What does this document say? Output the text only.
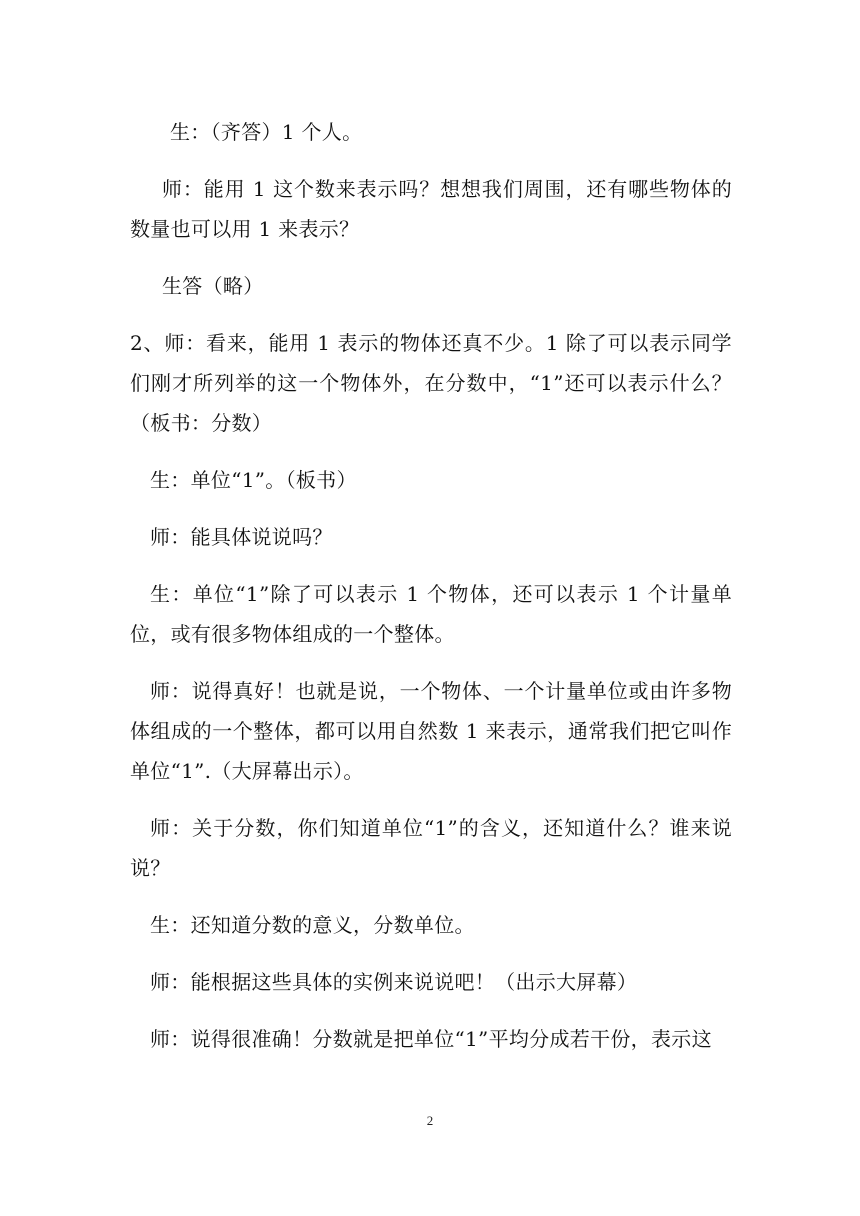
生：（齐答）1 个人。

师：能用 1 这个数来表示吗？想想我们周围，还有哪些物体的数量也可以用 1 来表示？

生答（略）

2、师：看来，能用 1 表示的物体还真不少。1 除了可以表示同学们刚才所列举的这一个物体外，在分数中，“1”还可以表示什么？（板书：分数）

生：单位“1”。（板书）

师：能具体说说吗？

生：单位“1”除了可以表示 1 个物体，还可以表示 1 个计量单位，或有很多物体组成的一个整体。

师：说得真好！也就是说，一个物体、一个计量单位或由许多物体组成的一个整体，都可以用自然数 1 来表示，通常我们把它叫作单位“1”.（大屏幕出示）。

师：关于分数，你们知道单位“1”的含义，还知道什么？谁来说说？

生：还知道分数的意义，分数单位。

师：能根据这些具体的实例来说说吧！（出示大屏幕）

师：说得很准确！分数就是把单位“1”平均分成若干份，表示这

2
